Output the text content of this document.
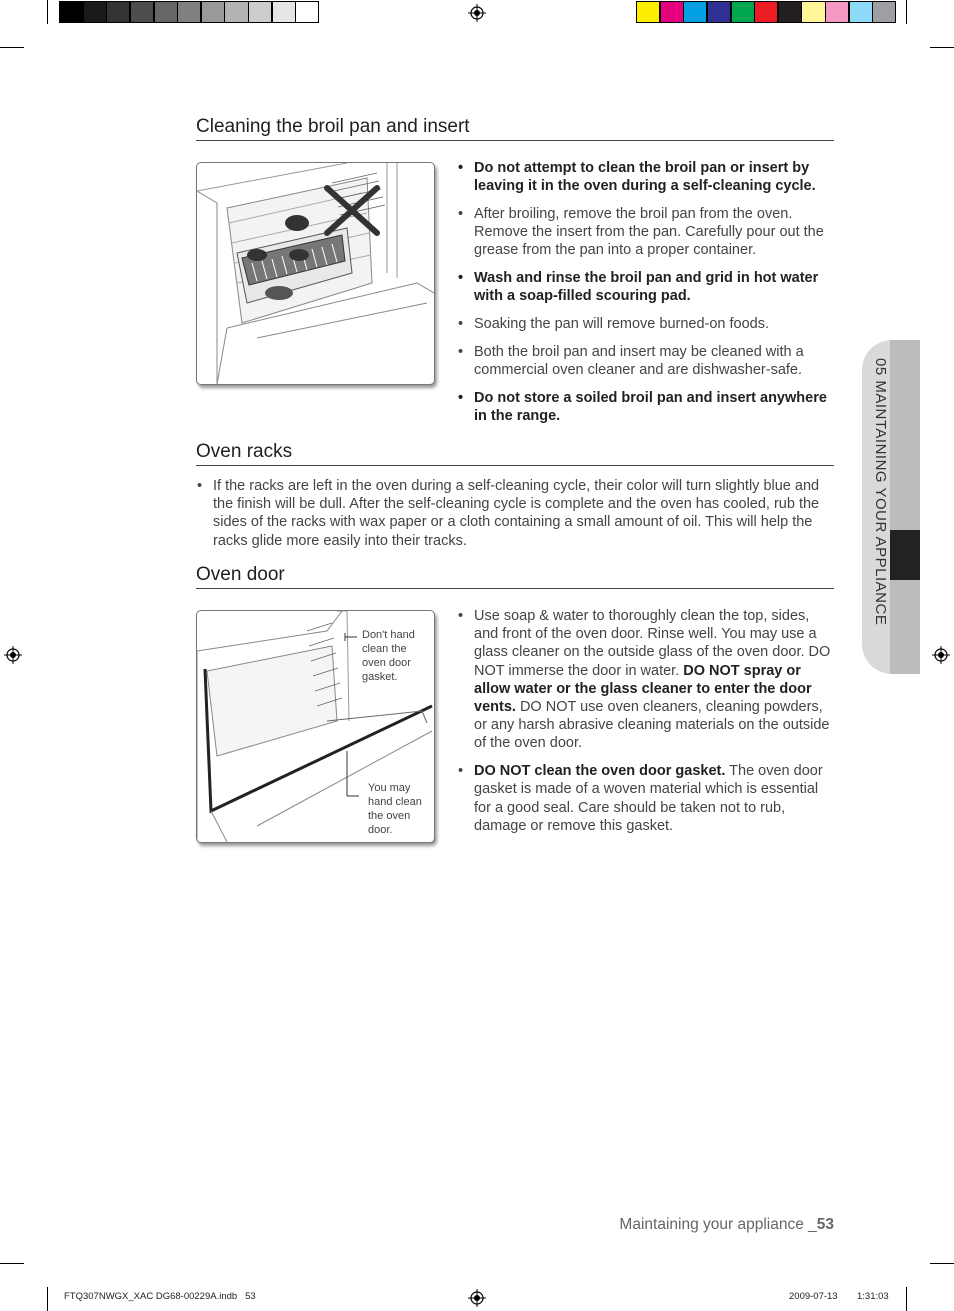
Cleaning the broil pan and insert
• Do not attempt to clean the broil pan or insert by leaving it in the oven during a self-cleaning cycle.
• After broiling, remove the broil pan from the oven. Remove the insert from the pan. Carefully pour out the grease from the pan into a proper container.
• Wash and rinse the broil pan and grid in hot water with a soap-filled scouring pad.
• Soaking the pan will remove burned-on foods.
• Both the broil pan and insert may be cleaned with a commercial oven cleaner and are dishwasher-safe.
• Do not store a soiled broil pan and insert anywhere in the range.
Oven racks
• If the racks are left in the oven during a self-cleaning cycle, their color will turn slightly blue and the finish will be dull. After the self-cleaning cycle is complete and the oven has cooled, rub the sides of the racks with wax paper or a cloth containing a small amount of oil. This will help the racks glide more easily into their tracks.
Oven door
Don't hand clean the oven door gasket.
You may hand clean the oven door.
• Use soap & water to thoroughly clean the top, sides, and front of the oven door. Rinse well. You may use a glass cleaner on the outside glass of the oven door. DO NOT immerse the door in water. DO NOT spray or allow water or the glass cleaner to enter the door vents. DO NOT use oven cleaners, cleaning powders, or any harsh abrasive cleaning materials on the outside of the oven door.
• DO NOT clean the oven door gasket. The oven door gasket is made of a woven material which is essential for a good seal. Care should be taken not to rub, damage or remove this gasket.
05 MAINTAINING YOUR APPLIANCE
Maintaining your appliance _53
FTQ307NWGX_XAC DG68-00229A.indb   53	2009-07-13 1:31:03
